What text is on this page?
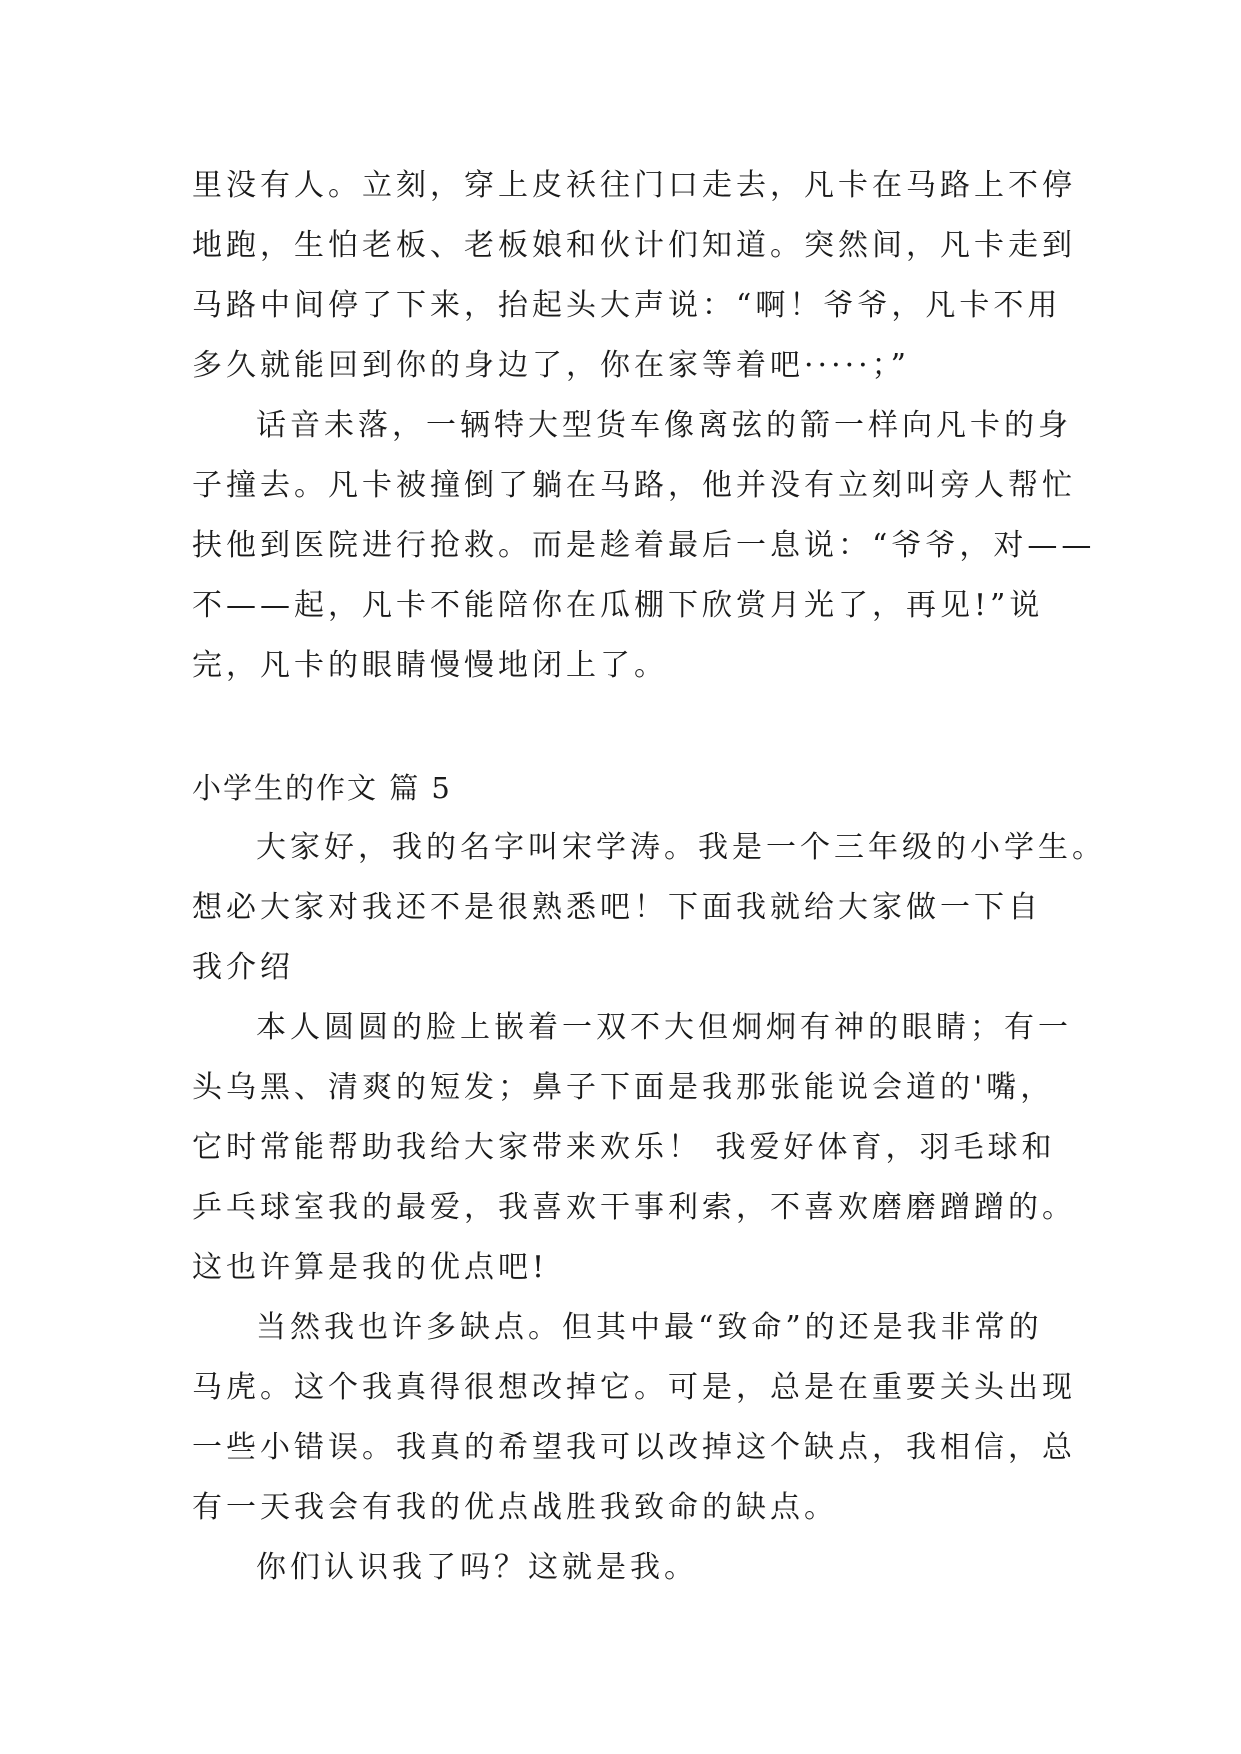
里没有人。立刻，穿上皮袄往门口走去，凡卡在马路上不停
地跑，生怕老板、老板娘和伙计们知道。突然间，凡卡走到
马路中间停了下来，抬起头大声说：“啊！爷爷，凡卡不用
多久就能回到你的身边了，你在家等着吧·····；”
话音未落，一辆特大型货车像离弦的箭一样向凡卡的身
子撞去。凡卡被撞倒了躺在马路，他并没有立刻叫旁人帮忙
扶他到医院进行抢救。而是趁着最后一息说：“爷爷，对——
不——起，凡卡不能陪你在瓜棚下欣赏月光了，再见!”说
完，凡卡的眼睛慢慢地闭上了。
小学生的作文 篇 5
大家好，我的名字叫宋学涛。我是一个三年级的小学生。
想必大家对我还不是很熟悉吧！下面我就给大家做一下自
我介绍
本人圆圆的脸上嵌着一双不大但炯炯有神的眼睛；有一
头乌黑、清爽的短发；鼻子下面是我那张能说会道的'嘴，
它时常能帮助我给大家带来欢乐！ 我爱好体育，羽毛球和
乒乓球室我的最爱，我喜欢干事利索，不喜欢磨磨蹭蹭的。
这也许算是我的优点吧!
当然我也许多缺点。但其中最“致命”的还是我非常的
马虎。这个我真得很想改掉它。可是，总是在重要关头出现
一些小错误。我真的希望我可以改掉这个缺点，我相信，总
有一天我会有我的优点战胜我致命的缺点。
你们认识我了吗？这就是我。
